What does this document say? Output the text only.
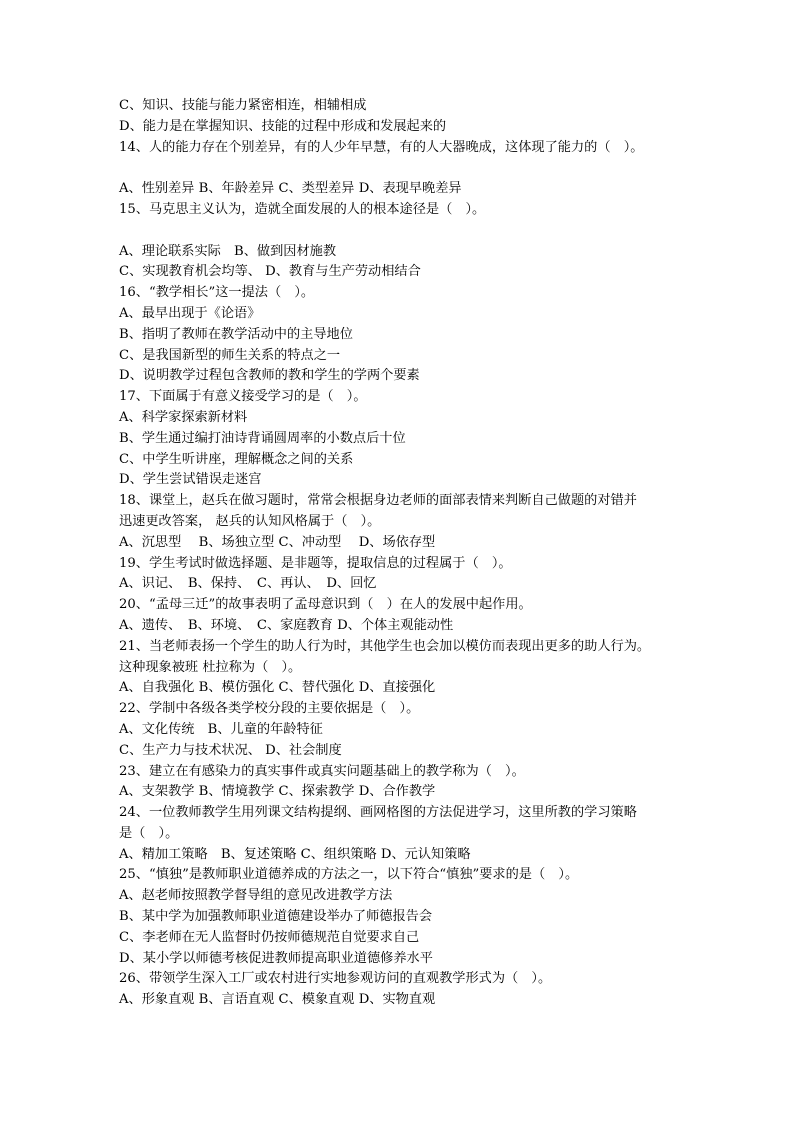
C、知识、技能与能力紧密相连，相辅相成
D、能力是在掌握知识、技能的过程中形成和发展起来的
14、人的能力存在个别差异，有的人少年早慧，有的人大器晚成，这体现了能力的（　）。
A、性别差异 B、年龄差异 C、类型差异 D、表现早晚差异
15、马克思主义认为，造就全面发展的人的根本途径是（　）。
A、理论联系实际　B、做到因材施教
C、实现教育机会均等、 D、教育与生产劳动相结合
16、“教学相长”这一提法（　）。
A、最早出现于《论语》
B、指明了教师在教学活动中的主导地位
C、是我国新型的师生关系的特点之一
D、说明教学过程包含教师的教和学生的学两个要素
17、下面属于有意义接受学习的是（　）。
A、科学家探索新材料
B、学生通过编打油诗背诵圆周率的小数点后十位
C、中学生听讲座，理解概念之间的关系
D、学生尝试错误走迷宫
18、课堂上，赵兵在做习题时，常常会根据身边老师的面部表情来判断自己做题的对错并
迅速更改答案， 赵兵的认知风格属于（　）。
A、沉思型　 B、场独立型 C、冲动型　 D、场依存型
19、学生考试时做选择题、是非题等，提取信息的过程属于（　）。
A、识记、　B、保持、　C、再认、　D、回忆
20、“孟母三迁”的故事表明了孟母意识到（　）在人的发展中起作用。
A、遗传、　B、环境、　C、家庭教育 D、个体主观能动性
21、当老师表扬一个学生的助人行为时，其他学生也会加以模仿而表现出更多的助人行为。
这种现象被班 杜拉称为（　）。
A、自我强化 B、模仿强化 C、替代强化 D、直接强化
22、学制中各级各类学校分段的主要依据是（　）。
A、文化传统　B、儿童的年龄特征
C、生产力与技术状况、 D、社会制度
23、建立在有感染力的真实事件或真实问题基础上的教学称为（　）。
A、支架教学 B、情境教学 C、探索教学 D、合作教学
24、一位教师教学生用列课文结构提纲、画网格图的方法促进学习，这里所教的学习策略
是（　）。
A、精加工策略　B、复述策略 C、组织策略 D、元认知策略
25、“慎独”是教师职业道德养成的方法之一，以下符合“慎独”要求的是（　）。
A、赵老师按照教学督导组的意见改进教学方法
B、某中学为加强教师职业道德建设举办了师德报告会
C、李老师在无人监督时仍按师德规范自觉要求自己
D、某小学以师德考核促进教师提高职业道德修养水平
26、带领学生深入工厂或农村进行实地参观访问的直观教学形式为（　）。
A、形象直观 B、言语直观 C、模象直观 D、实物直观
